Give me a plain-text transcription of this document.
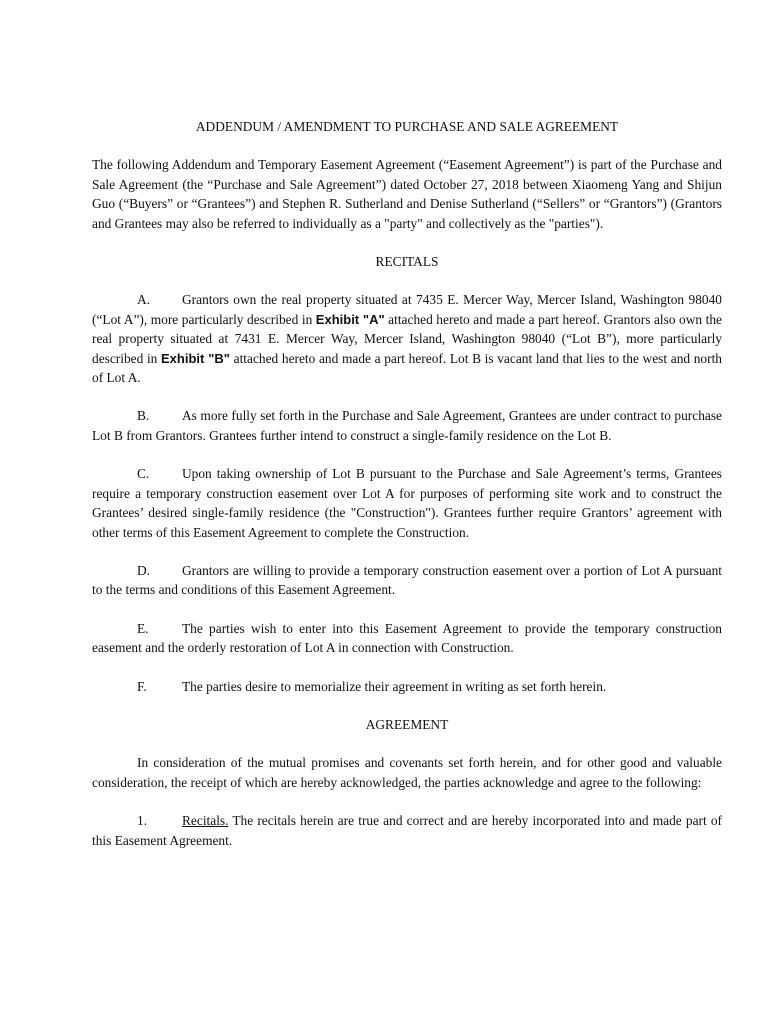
ADDENDUM / AMENDMENT TO PURCHASE AND SALE AGREEMENT
The following Addendum and Temporary Easement Agreement (“Easement Agreement”) is part of the Purchase and Sale Agreement (the “Purchase and Sale Agreement”) dated October 27, 2018 between Xiaomeng Yang and Shijun Guo (“Buyers” or “Grantees”) and Stephen R. Sutherland and Denise Sutherland (“Sellers” or “Grantors”) (Grantors and Grantees may also be referred to individually as a "party" and collectively as the "parties").
RECITALS
A. Grantors own the real property situated at 7435 E. Mercer Way, Mercer Island, Washington 98040 (“Lot A”), more particularly described in Exhibit "A" attached hereto and made a part hereof. Grantors also own the real property situated at 7431 E. Mercer Way, Mercer Island, Washington 98040 (“Lot B”), more particularly described in Exhibit "B" attached hereto and made a part hereof. Lot B is vacant land that lies to the west and north of Lot A.
B. As more fully set forth in the Purchase and Sale Agreement, Grantees are under contract to purchase Lot B from Grantors. Grantees further intend to construct a single-family residence on the Lot B.
C. Upon taking ownership of Lot B pursuant to the Purchase and Sale Agreement’s terms, Grantees require a temporary construction easement over Lot A for purposes of performing site work and to construct the Grantees’ desired single-family residence (the "Construction"). Grantees further require Grantors’ agreement with other terms of this Easement Agreement to complete the Construction.
D. Grantors are willing to provide a temporary construction easement over a portion of Lot A pursuant to the terms and conditions of this Easement Agreement.
E. The parties wish to enter into this Easement Agreement to provide the temporary construction easement and the orderly restoration of Lot A in connection with Construction.
F.	The parties desire to memorialize their agreement in writing as set forth herein.
AGREEMENT
In consideration of the mutual promises and covenants set forth herein, and for other good and valuable consideration, the receipt of which are hereby acknowledged, the parties acknowledge and agree to the following:
1.	Recitals. The recitals herein are true and correct and are hereby incorporated into and made part of this Easement Agreement.
